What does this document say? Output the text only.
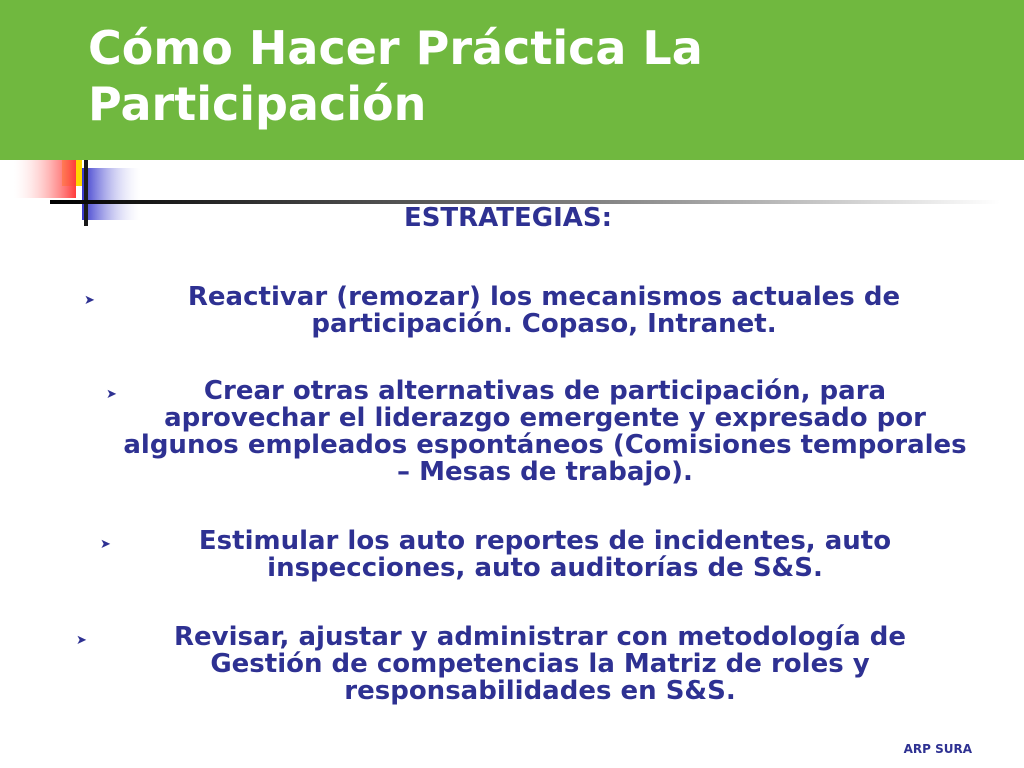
Cómo Hacer Práctica La Participación
ESTRATEGIAS:
➤	Reactivar (remozar) los mecanismos actuales de participación. Copaso, Intranet.
➤	Crear otras alternativas de participación, para aprovechar el liderazgo emergente y expresado por algunos empleados espontáneos (Comisiones temporales – Mesas de trabajo).
➤	Estimular los auto reportes de incidentes, auto inspecciones, auto auditorías de S&S.
➤	Revisar, ajustar y administrar con metodología de Gestión de competencias la Matriz de roles y responsabilidades en S&S.
ARP SURA
